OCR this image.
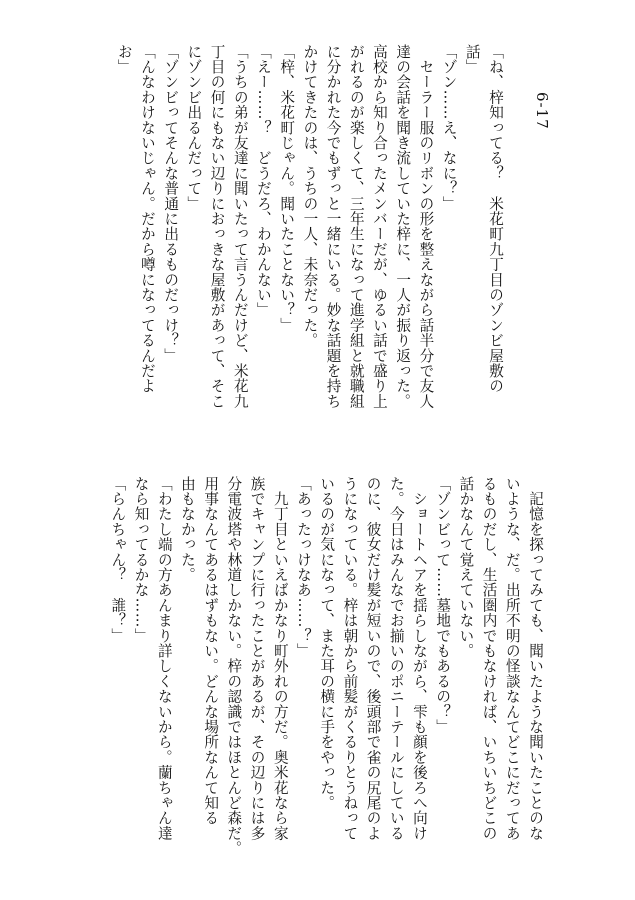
6-17
「ね、梓知ってる？　米花町九丁目のゾンビ屋敷の
話」
「ゾン……え、なに？」
　セーラー服のリボンの形を整えながら話半分で友人
達の会話を聞き流していた梓に、一人が振り返った。
高校から知り合ったメンバーだが、ゆるい話で盛り上
がれるのが楽しくて、三年生になって進学組と就職組
に分かれた今でもずっと一緒にいる。妙な話題を持ち
かけてきたのは、うちの一人、未奈だった。
「梓、米花町じゃん。聞いたことない？」
「えー……？　どうだろ、わかんない」
「うちの弟が友達に聞いたって言うんだけど、米花九
丁目の何にもない辺りにおっきな屋敷があって、そこ
にゾンビ出るんだって」
「ゾンビってそんな普通に出るものだっけ？」
「んなわけないじゃん。だから噂になってるんだよ
お」
　記憶を探ってみても、聞いたような聞いたことのな
いような、だ。出所不明の怪談なんてどこにだってあ
るものだし、生活圏内でもなければ、いちいちどこの
話かなんて覚えていない。
「ゾンビって……墓地でもあるの？」
　ショートヘアを揺らしながら、雫も顔を後ろへ向け
た。今日はみんなでお揃いのポニーテールにしている
のに、彼女だけ髪が短いので、後頭部で雀の尻尾のよ
うになっている。梓は朝から前髪がくるりとうねって
いるのが気になって、また耳の横に手をやった。
「あったっけなあ……？」
　九丁目といえばかなり町外れの方だ。奥米花なら家
族でキャンプに行ったことがあるが、その辺りには多
分電波塔や林道しかない。梓の認識ではほとんど森だ。
用事なんてあるはずもない。どんな場所なんて知る
由もなかった。
「わたし端の方あんまり詳しくないから。蘭ちゃん達
なら知ってるかな……」
「らんちゃん？　誰？」
